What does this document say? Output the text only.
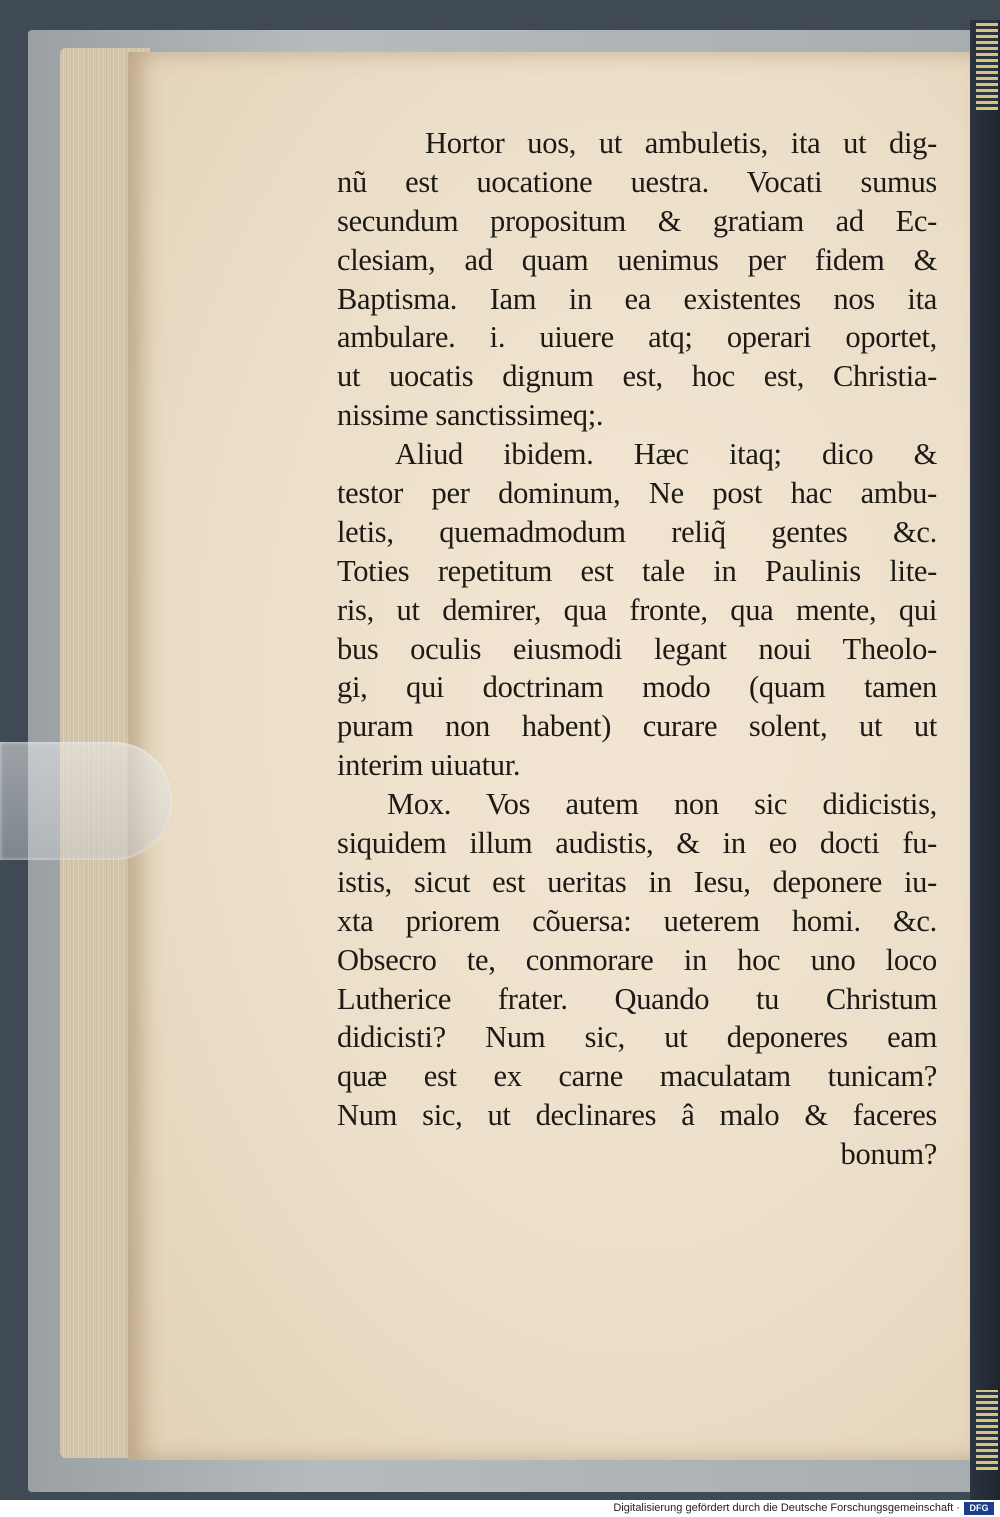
Hortor uos, ut ambuletis, ita ut dig-
nũ est uocatione uestra. Vocati sumus
secundum propositum & gratiam ad Ec-
clesiam, ad quam uenimus per fidem &
Baptisma. Iam in ea existentes nos ita
ambulare. i. uiuere atq; operari oportet,
ut uocatis dignum est, hoc est, Christia-
nissime sanctissimeq;.
Aliud ibidem. Hæc itaq; dico &
testor per dominum, Ne post hac ambu-
letis, quemadmodum reliq̃ gentes &c.
Toties repetitum est tale in Paulinis lite-
ris, ut demirer, qua fronte, qua mente, qui
bus oculis eiusmodi legant noui Theolo-
gi, qui doctrinam modo (quam tamen
puram non habent) curare solent, ut ut
interim uiuatur.
Mox. Vos autem non sic didicistis,
siquidem illum audistis, & in eo docti fu-
istis, sicut est ueritas in Iesu, deponere iu-
xta priorem cõuersa: ueterem homi. &c.
Obsecro te, conmorare in hoc uno loco
Lutherice frater. Quando tu Christum
didicisti? Num sic, ut deponeres eam
quæ est ex carne maculatam tunicam?
Num sic, ut declinares â malo & faceres
bonum?
Digitalisierung gefördert durch die Deutsche Forschungsgemeinschaft ·	DFG
